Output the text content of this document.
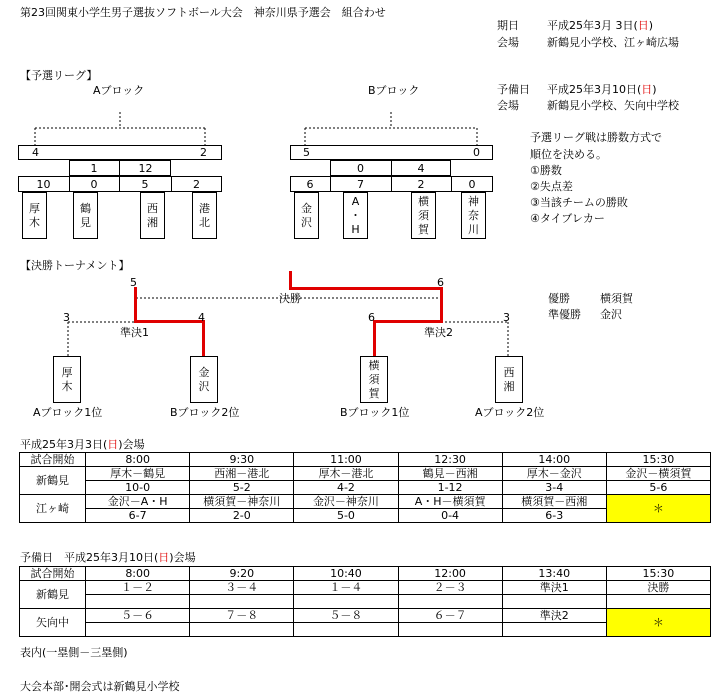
第23回関東小学生男子選抜ソフトボール大会　神奈川県予選会　組合わせ
期日	平成25年3月 3日(日)
会場	新鶴見小学校、江ヶ崎広場
【予選リーグ】
予備日 平成25年3月10日(日)
会場	新鶴見小学校、矢向中学校
Aブロック
4	2
1	12
10	0	5	2
厚
木
鶴
見
西
湘
港
北
Bブロック
5	0
0	4
6	7	2	0
金
沢
A
・
H
横
須
賀
神
奈
川
予選リーグ戦は勝数方式で
順位を決める。
①勝数
②失点差
③当該チームの勝敗
④タイブレカー
【決勝トーナメント】
5	6
決勝
3	4	6	3
準決1	準決2
厚
木
金
沢
横
須
賀
西
湘
Aブロック1位	Bブロック2位	Bブロック1位	Aブロック2位
優勝	横須賀
準優勝 金沢
平成25年3月3日(日)会場
試合開始	8:00	9:30	11:00	12:30	14:00	15:30
新鶴見	厚木－鶴見	西湘－港北	厚木－港北	鶴見－西湘	厚木－金沢	金沢－横須賀
	10-0	5-2	4-2	1-12	3-4	5-6
江ヶ崎	金沢－A・H	横須賀－神奈川	金沢－神奈川	A・H－横須賀	横須賀－西湘	＊
	6-7	2-0	5-0	0-4	6-3	
予備日　平成25年3月10日(日)会場
試合開始	8:00	9:20	10:40	12:00	13:40	15:30
新鶴見	１－２	３－４	１－４	２－３	準決1	決勝

矢向中	５－６	７－８	５－８	６－７	準決2	＊

表内(一塁側－三塁側)
大会本部･開会式は新鶴見小学校
